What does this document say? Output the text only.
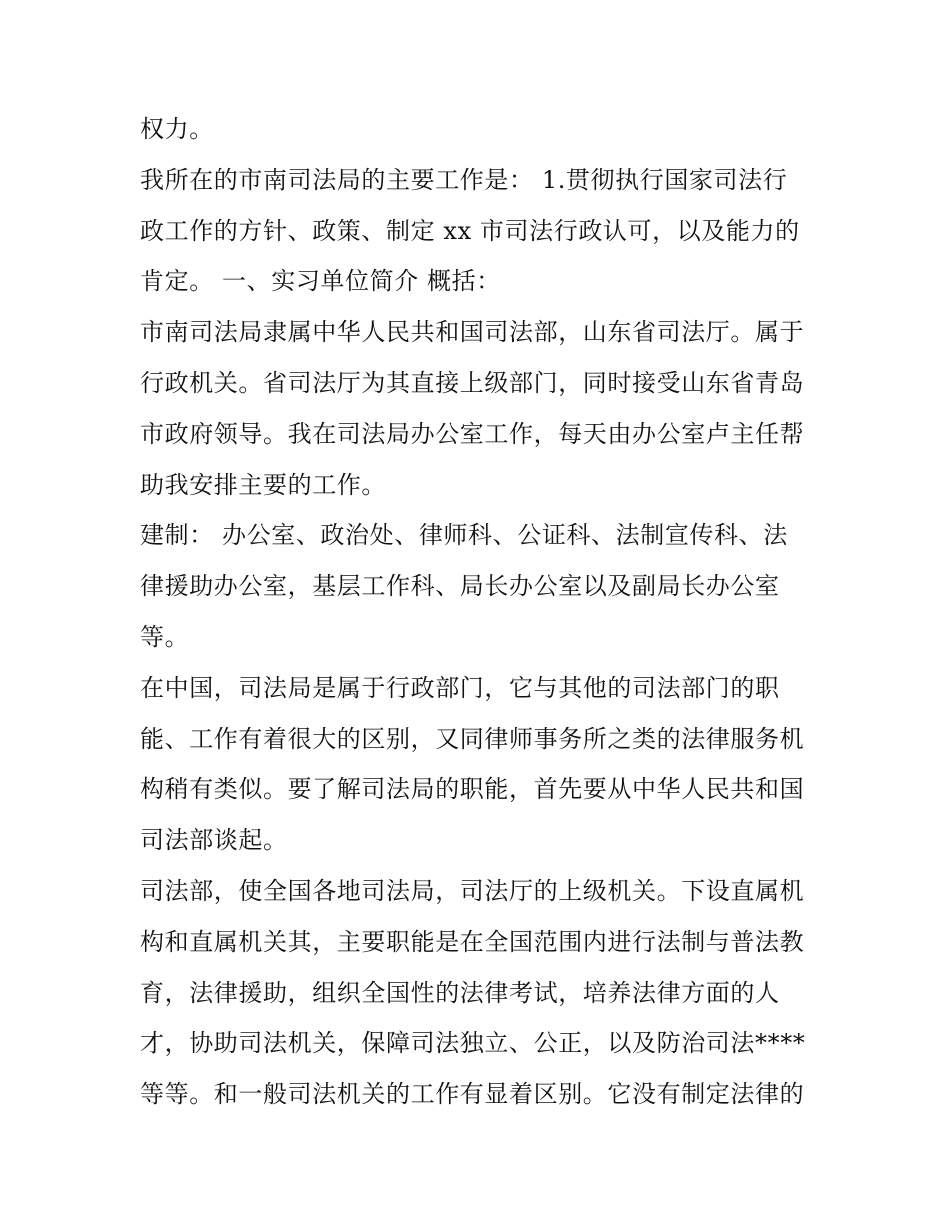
权力。
我所在的市南司法局的主要工作是： 1.贯彻执行国家司法行
政工作的方针、政策、制定 xx 市司法行政认可，以及能力的
肯定。 一、实习单位简介 概括：
市南司法局隶属中华人民共和国司法部，山东省司法厅。属于
行政机关。省司法厅为其直接上级部门，同时接受山东省青岛
市政府领导。我在司法局办公室工作，每天由办公室卢主任帮
助我安排主要的工作。
建制： 办公室、政治处、律师科、公证科、法制宣传科、法
律援助办公室，基层工作科、局长办公室以及副局长办公室
等。
在中国，司法局是属于行政部门，它与其他的司法部门的职
能、工作有着很大的区别，又同律师事务所之类的法律服务机
构稍有类似。要了解司法局的职能，首先要从中华人民共和国
司法部谈起。
司法部，使全国各地司法局，司法厅的上级机关。下设直属机
构和直属机关其，主要职能是在全国范围内进行法制与普法教
育，法律援助，组织全国性的法律考试，培养法律方面的人
才，协助司法机关，保障司法独立、公正，以及防治司法****
等等。和一般司法机关的工作有显着区别。它没有制定法律的
